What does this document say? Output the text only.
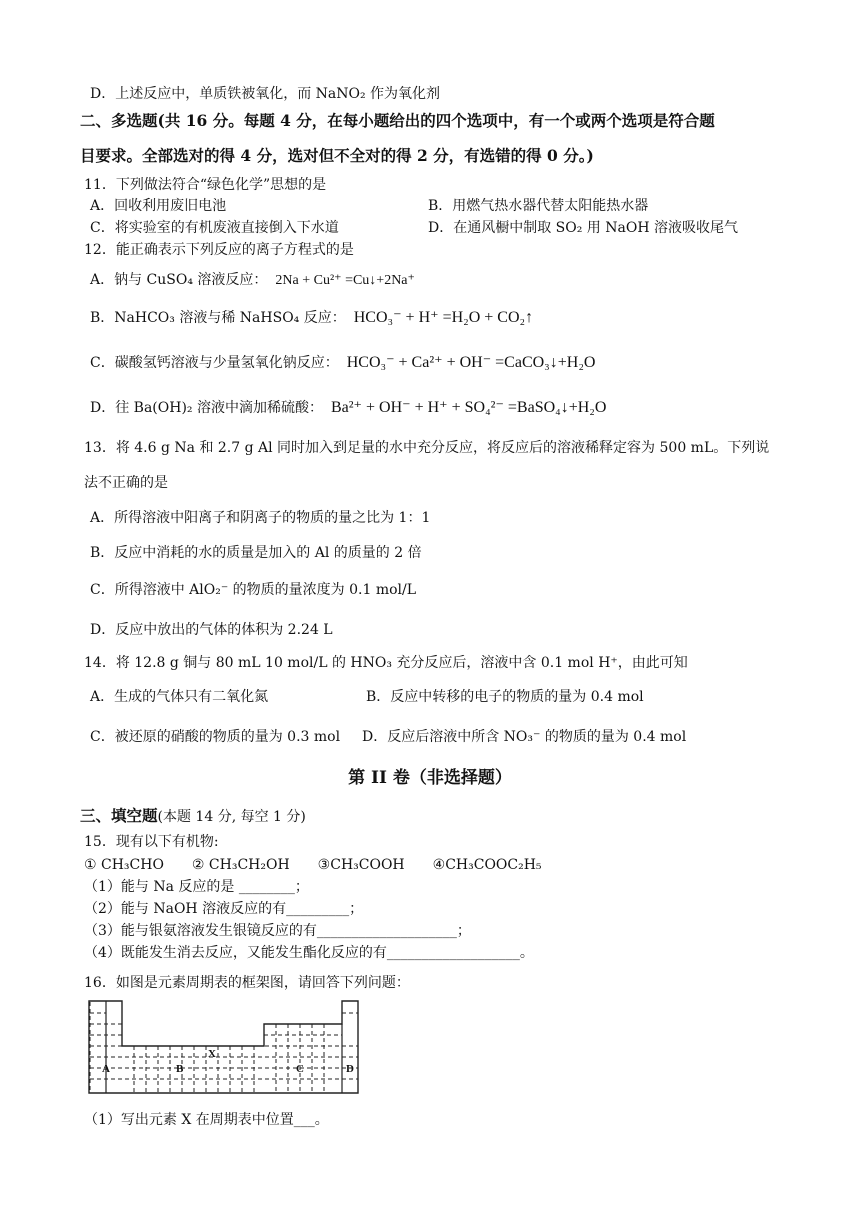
D．上述反应中，单质铁被氧化，而 NaNO₂ 作为氧化剂
二、多选题(共 16 分。每题 4 分，在每小题给出的四个选项中，有一个或两个选项是符合题
目要求。全部选对的得 4 分，选对但不全对的得 2 分，有选错的得 0 分。)
11．下列做法符合“绿色化学”思想的是
A．回收利用废旧电池	B．用燃气热水器代替太阳能热水器
C．将实验室的有机废液直接倒入下水道	D．在通风橱中制取 SO₂ 用 NaOH 溶液吸收尾气
12．能正确表示下列反应的离子方程式的是
A．钠与 CuSO₄ 溶液反应： 2Na + Cu²⁺ =Cu↓+2Na⁺
B．NaHCO₃ 溶液与稀 NaHSO₄ 反应： HCO₃⁻ + H⁺ =H₂O + CO₂↑
C．碳酸氢钙溶液与少量氢氧化钠反应： HCO₃⁻ + Ca²⁺ + OH⁻ =CaCO₃↓+H₂O
D．往 Ba(OH)₂ 溶液中滴加稀硫酸： Ba²⁺ + OH⁻ + H⁺ + SO₄²⁻ =BaSO₄↓+H₂O
13．将 4.6 g Na 和 2.7 g Al 同时加入到足量的水中充分反应，将反应后的溶液稀释定容为 500 mL。下列说
法不正确的是
A．所得溶液中阳离子和阴离子的物质的量之比为 1：1
B．反应中消耗的水的质量是加入的 Al 的质量的 2 倍
C．所得溶液中 AlO₂⁻ 的物质的量浓度为 0.1 mol/L
D．反应中放出的气体的体积为 2.24 L
14．将 12.8 g 铜与 80 mL 10 mol/L 的 HNO₃ 充分反应后，溶液中含 0.1 mol H⁺，由此可知
A．生成的气体只有二氧化氮	B．反应中转移的电子的物质的量为 0.4 mol
C．被还原的硝酸的物质的量为 0.3 mol D．反应后溶液中所含 NO₃⁻ 的物质的量为 0.4 mol
第 II 卷（非选择题）
三、填空题(本题 14 分, 每空 1 分)
15．现有以下有机物:
① CH₃CHO　　② CH₃CH₂OH　　③CH₃COOH　　④CH₃COOC₂H₅
（1）能与 Na 反应的是 ________；
（2）能与 NaOH 溶液反应的有_________；
（3）能与银氨溶液发生银镜反应的有____________________；
（4）既能发生消去反应，又能发生酯化反应的有___________________。
16．如图是元素周期表的框架图，请回答下列问题：
A	B
X
C	D
（1）写出元素 X 在周期表中位置___。
